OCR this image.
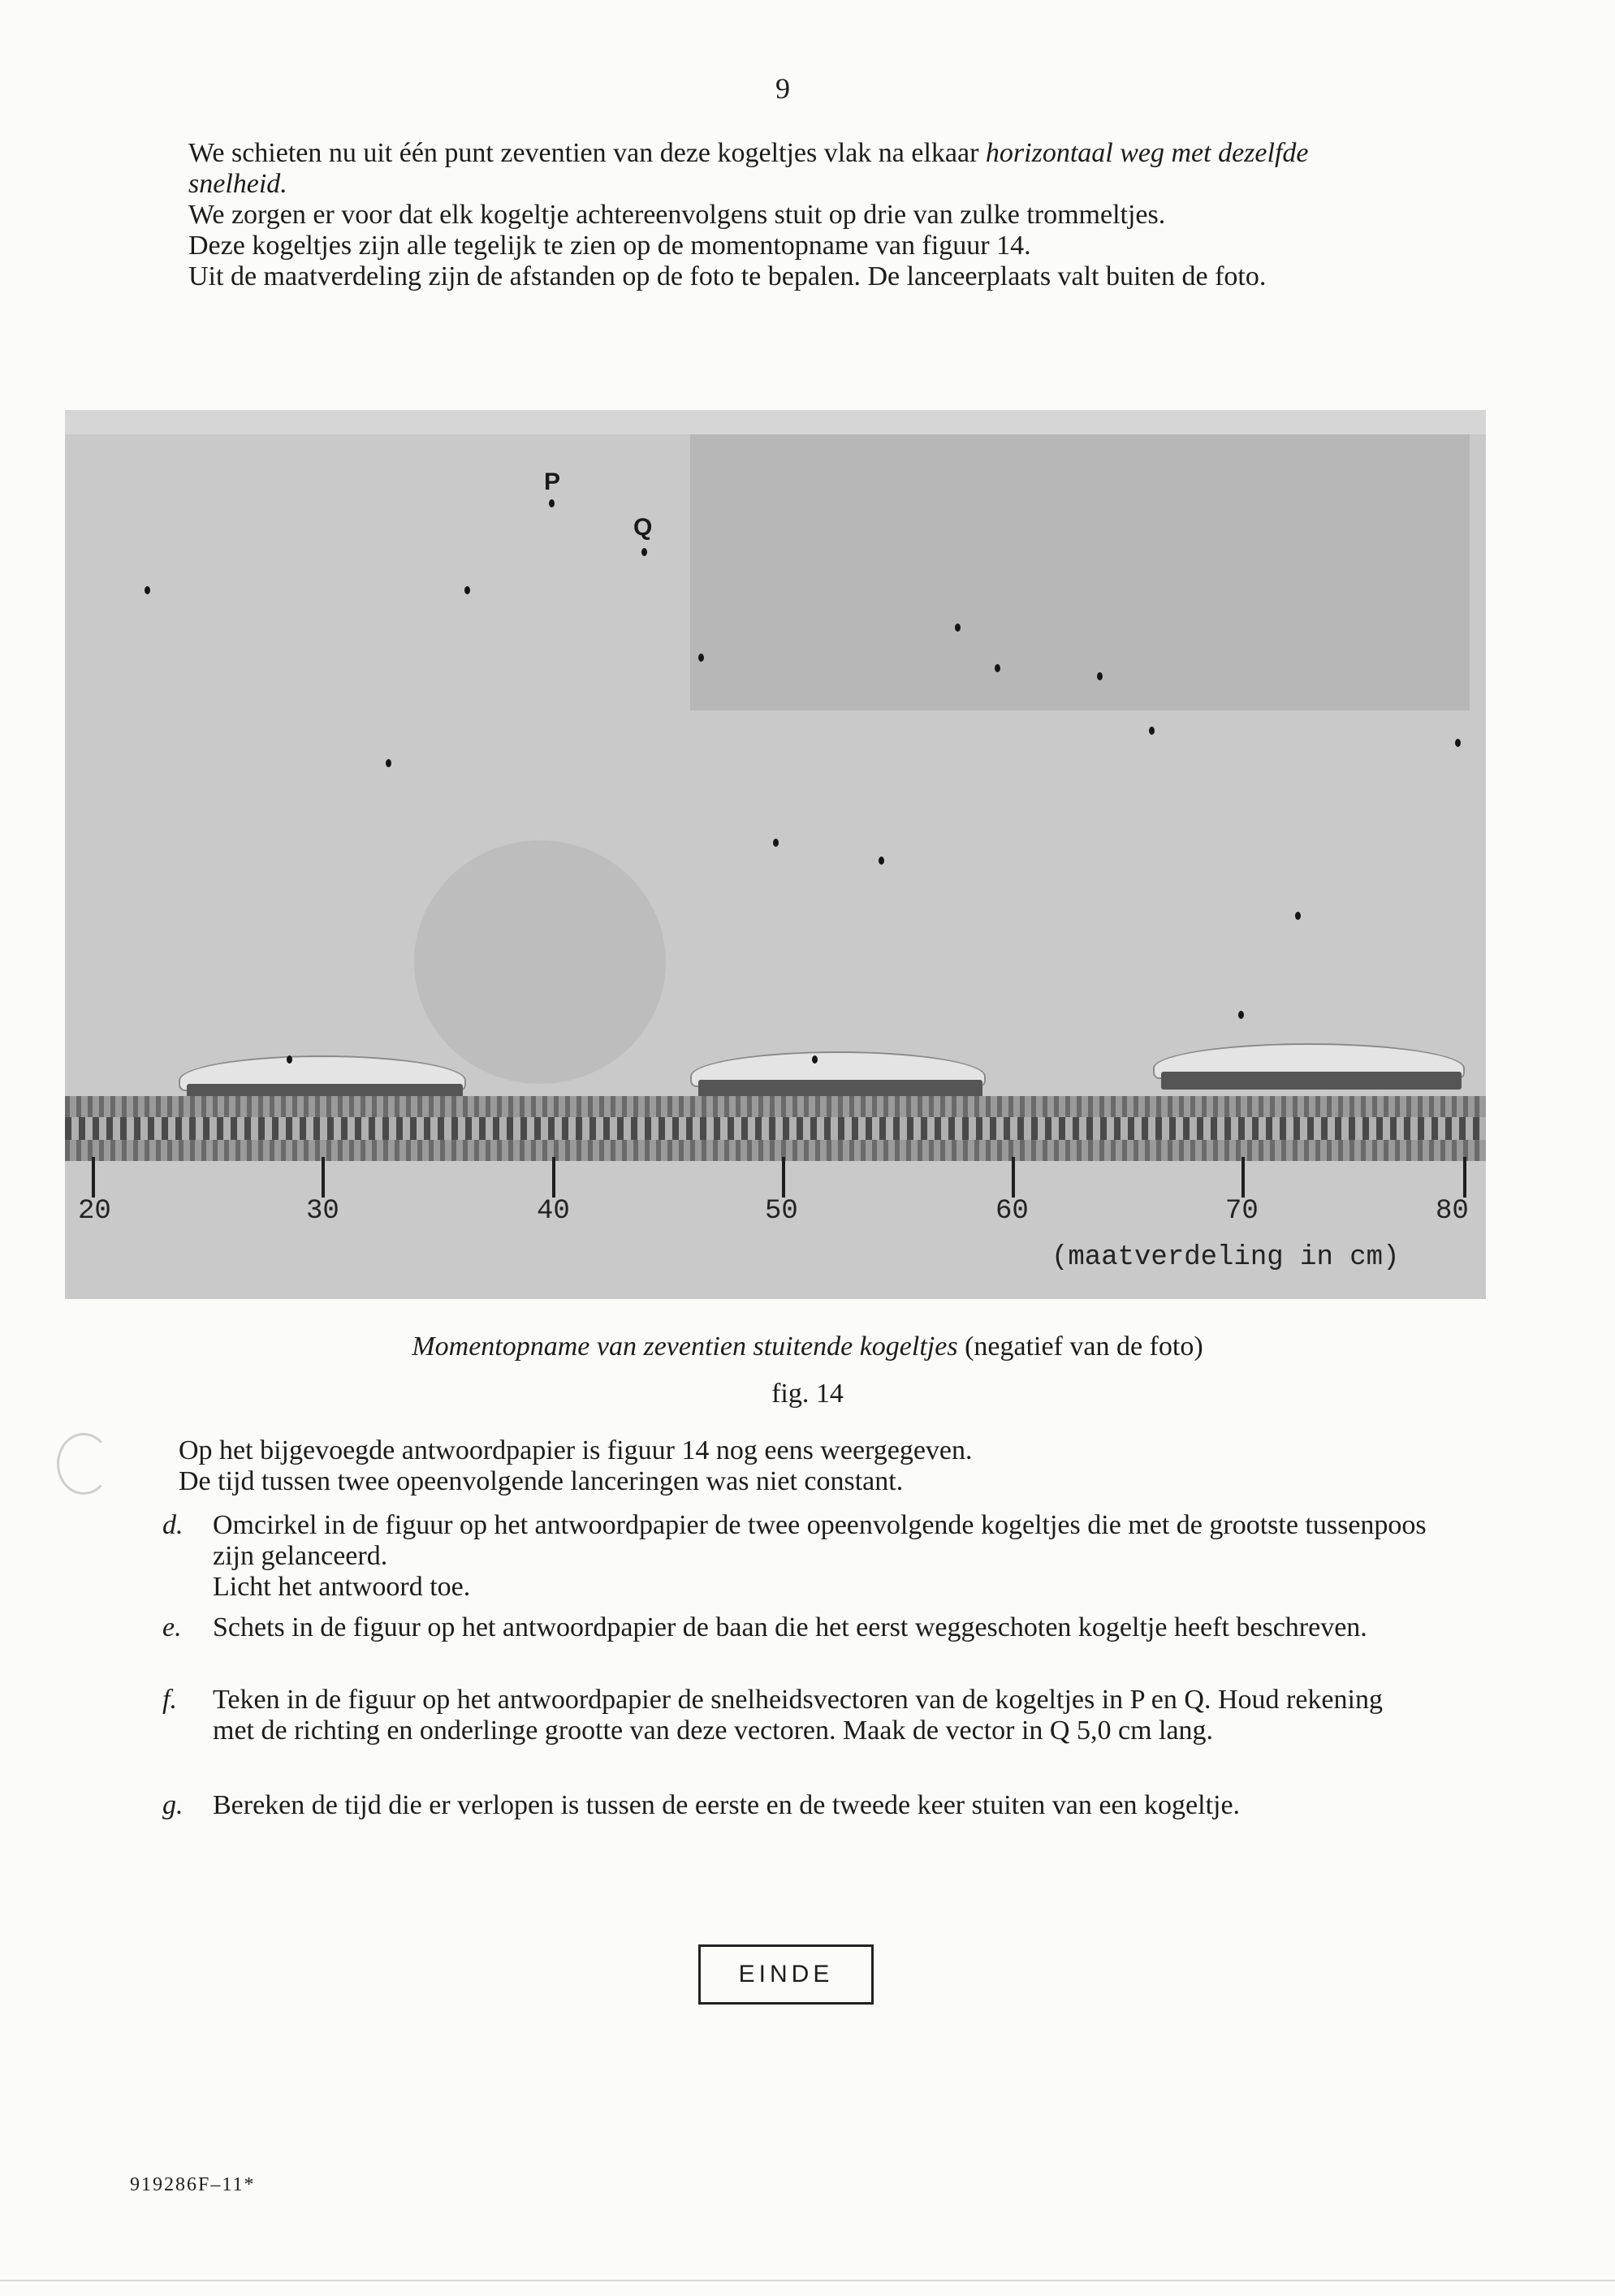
9

We schieten nu uit één punt zeventien van deze kogeltjes vlak na elkaar horizontaal weg met dezelfde snelheid.

We zorgen er voor dat elk kogeltje achtereenvolgens stuit op drie van zulke trommeltjes.

Deze kogeltjes zijn alle tegelijk te zien op de momentopname van figuur 14.

Uit de maatverdeling zijn de afstanden op de foto te bepalen. De lanceerplaats valt buiten de foto.

P
Q
20	30	40	50	60	70	80
(maatverdeling in cm)
Momentopname van zeventien stuitende kogeltjes (negatief van de foto)
fig. 14

Op het bijgevoegde antwoordpapier is figuur 14 nog eens weergegeven.

De tijd tussen twee opeenvolgende lanceringen was niet constant.

d. Omcirkel in de figuur op het antwoordpapier de twee opeenvolgende kogeltjes die met de grootste tussenpoos zijn gelanceerd.
Licht het antwoord toe.
e. Schets in de figuur op het antwoordpapier de baan die het eerst weggeschoten kogeltje heeft beschreven.
f. Teken in de figuur op het antwoordpapier de snelheidsvectoren van de kogeltjes in P en Q. Houd rekening met de richting en onderlinge grootte van deze vectoren. Maak de vector in Q 5,0 cm lang.
g. Bereken de tijd die er verlopen is tussen de eerste en de tweede keer stuiten van een kogeltje.
EINDE
919286F–11*
